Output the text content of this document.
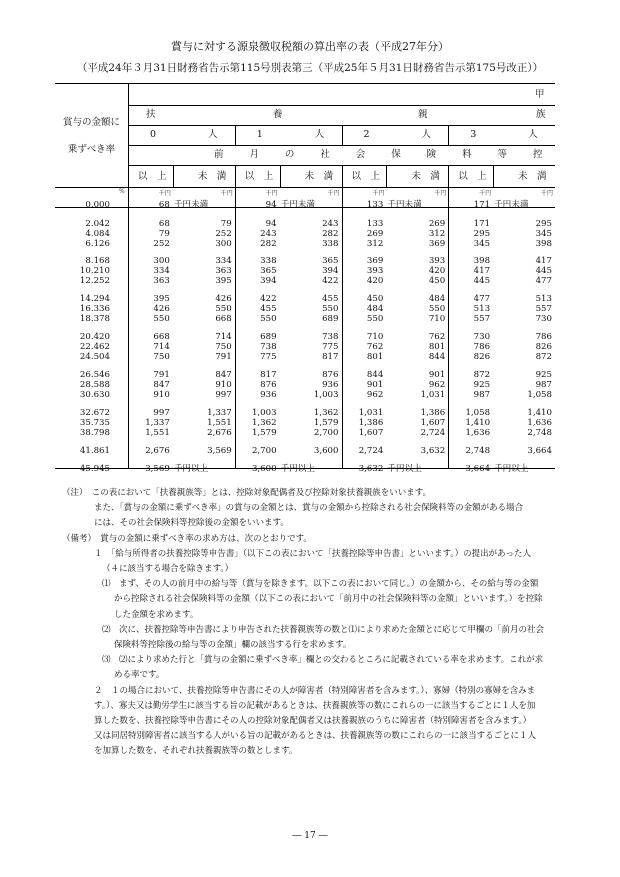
賞与に対する源泉徴収税額の算出率の表（平成27年分）
（平成24年３月31日財務省告示第115号別表第三（平成25年５月31日財務省告示第175号改正））
甲
賞与の金額に
乗ずべき率
扶	養	親	族
0	人	1	人	2	人	3	人
前	月	の	社	会	保	険	料	等	控
以　上	未　満 以　上	未　満 以　上	未　満 以　上	未　満
%	千円	千円	千円	千円	千円	千円	千円	千円
0.000	68 千円未満	94 千円未満	133 千円未満	171 千円未満
2.042	68	79	94	243	133	269	171	295
4.084	79	252	243	282	269	312	295	345
6.126	252	300	282	338	312	369	345	398
8.168	300	334	338	365	369	393	398	417
10.210	334	363	365	394	393	420	417	445
12.252	363	395	394	422	420	450	445	477
14.294	395	426	422	455	450	484	477	513
16.336	426	550	455	550	484	550	513	557
18.378	550	668	550	689	550	710	557	730
20.420	668	714	689	738	710	762	730	786
22.462	714	750	738	775	762	801	786	826
24.504	750	791	775	817	801	844	826	872
26.546	791	847	817	876	844	901	872	925
28.588	847	910	876	936	901	962	925	987
30.630	910	997	936	1,003	962	1,031	987	1,058
32.672	997	1,337	1,003	1,362	1,031	1,386	1,058	1,410
35.735	1,337	1,551	1,362	1,579	1,386	1,607	1,410	1,636
38.798	1,551	2,676	1,579	2,700	1,607	2,724	1,636	2,748
41.861	2,676	3,569	2,700	3,600	2,724	3,632	2,748	3,664
45.945	3,569 千円以上	3,600 千円以上	3,632 千円以上	3,664 千円以上

（注）　この表において「扶養親族等」とは、控除対象配偶者及び控除対象扶養親族をいいます。

また、「賞与の金額に乗ずべき率」の賞与の金額とは、賞与の金額から控除される社会保険料等の金額がある場合

には、その社会保険料等控除後の金額をいいます。

（備考）　賞与の金額に乗ずべき率の求め方は、次のとおりです。

１　「給与所得者の扶養控除等申告書」（以下この表において「扶養控除等申告書」といいます。）の提出があった人

（４に該当する場合を除きます。）

⑴　まず、その人の前月中の給与等（賞与を除きます。以下この表において同じ。）の金額から、その給与等の金額

から控除される社会保険料等の金額（以下この表において「前月中の社会保険料等の金額」といいます。）を控除

した金額を求めます。

⑵　次に、扶養控除等申告書により申告された扶養親族等の数と⑴により求めた金額とに応じて甲欄の「前月の社会

保険料等控除後の給与等の金額」欄の該当する行を求めます。

⑶　⑵により求めた行と「賞与の金額に乗ずべき率」欄との交わるところに記載されている率を求めます。これが求

める率です。

２　１の場合において、扶養控除等申告書にその人が障害者（特別障害者を含みます。）、寡婦（特別の寡婦を含みま

す。）、寡夫又は勤労学生に該当する旨の記載があるときは、扶養親族等の数にこれらの一に該当するごとに１人を加

算した数を、扶養控除等申告書にその人の控除対象配偶者又は扶養親族のうちに障害者（特別障害者を含みます。）

又は同居特別障害者に該当する人がいる旨の記載があるときは、扶養親族等の数にこれらの一に該当するごとに１人

を加算した数を、それぞれ扶養親族等の数とします。

― 17 ―
